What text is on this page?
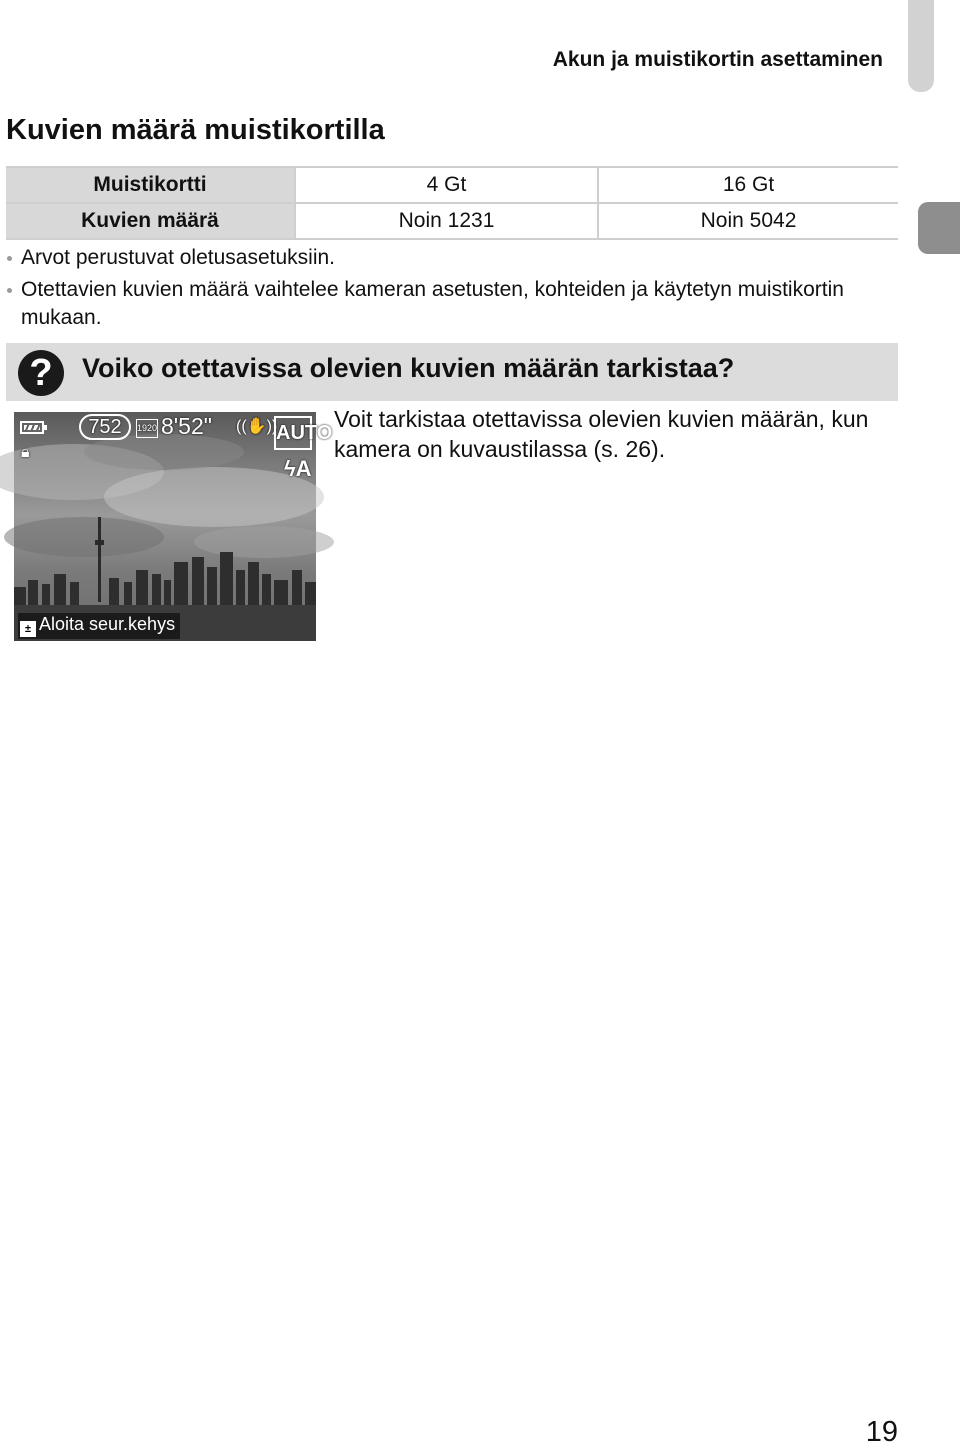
Akun ja muistikortin asettaminen
Kuvien määrä muistikortilla
Muistikortti	4 Gt	16 Gt
Kuvien määrä	Noin 1231	Noin 5042
Arvot perustuvat oletusasetuksiin.
Otettavien kuvien määrä vaihtelee kameran asetusten, kohteiden ja käytetyn muistikortin mukaan.
?	Voiko otettavissa olevien kuvien määrän tarkistaa?
752	1920 8'52" ((✋))
AUTO
ϟA
🔒︎
± Aloita seur.kehys
Voit tarkistaa otettavissa olevien kuvien määrän, kun kamera on kuvaustilassa (s. 26).
19
